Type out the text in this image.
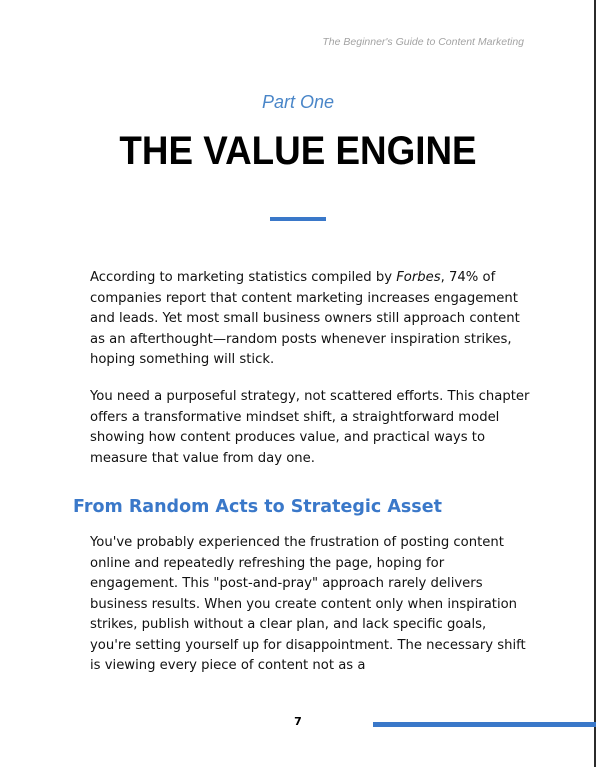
The Beginner's Guide to Content Marketing
Part One
THE VALUE ENGINE

According to marketing statistics compiled by Forbes, 74% of companies report that content marketing increases engagement and leads. Yet most small business owners still approach content as an afterthought—random posts whenever inspiration strikes, hoping something will stick.

You need a purposeful strategy, not scattered efforts. This chapter offers a transformative mindset shift, a straightforward model showing how content produces value, and practical ways to measure that value from day one.

From Random Acts to Strategic Asset

You've probably experienced the frustration of posting content online and repeatedly refreshing the page, hoping for engagement. This "post-and-pray" approach rarely delivers business results. When you create content only when inspiration strikes, publish without a clear plan, and lack specific goals, you're setting yourself up for disappointment. The necessary shift is viewing every piece of content not as a

7
